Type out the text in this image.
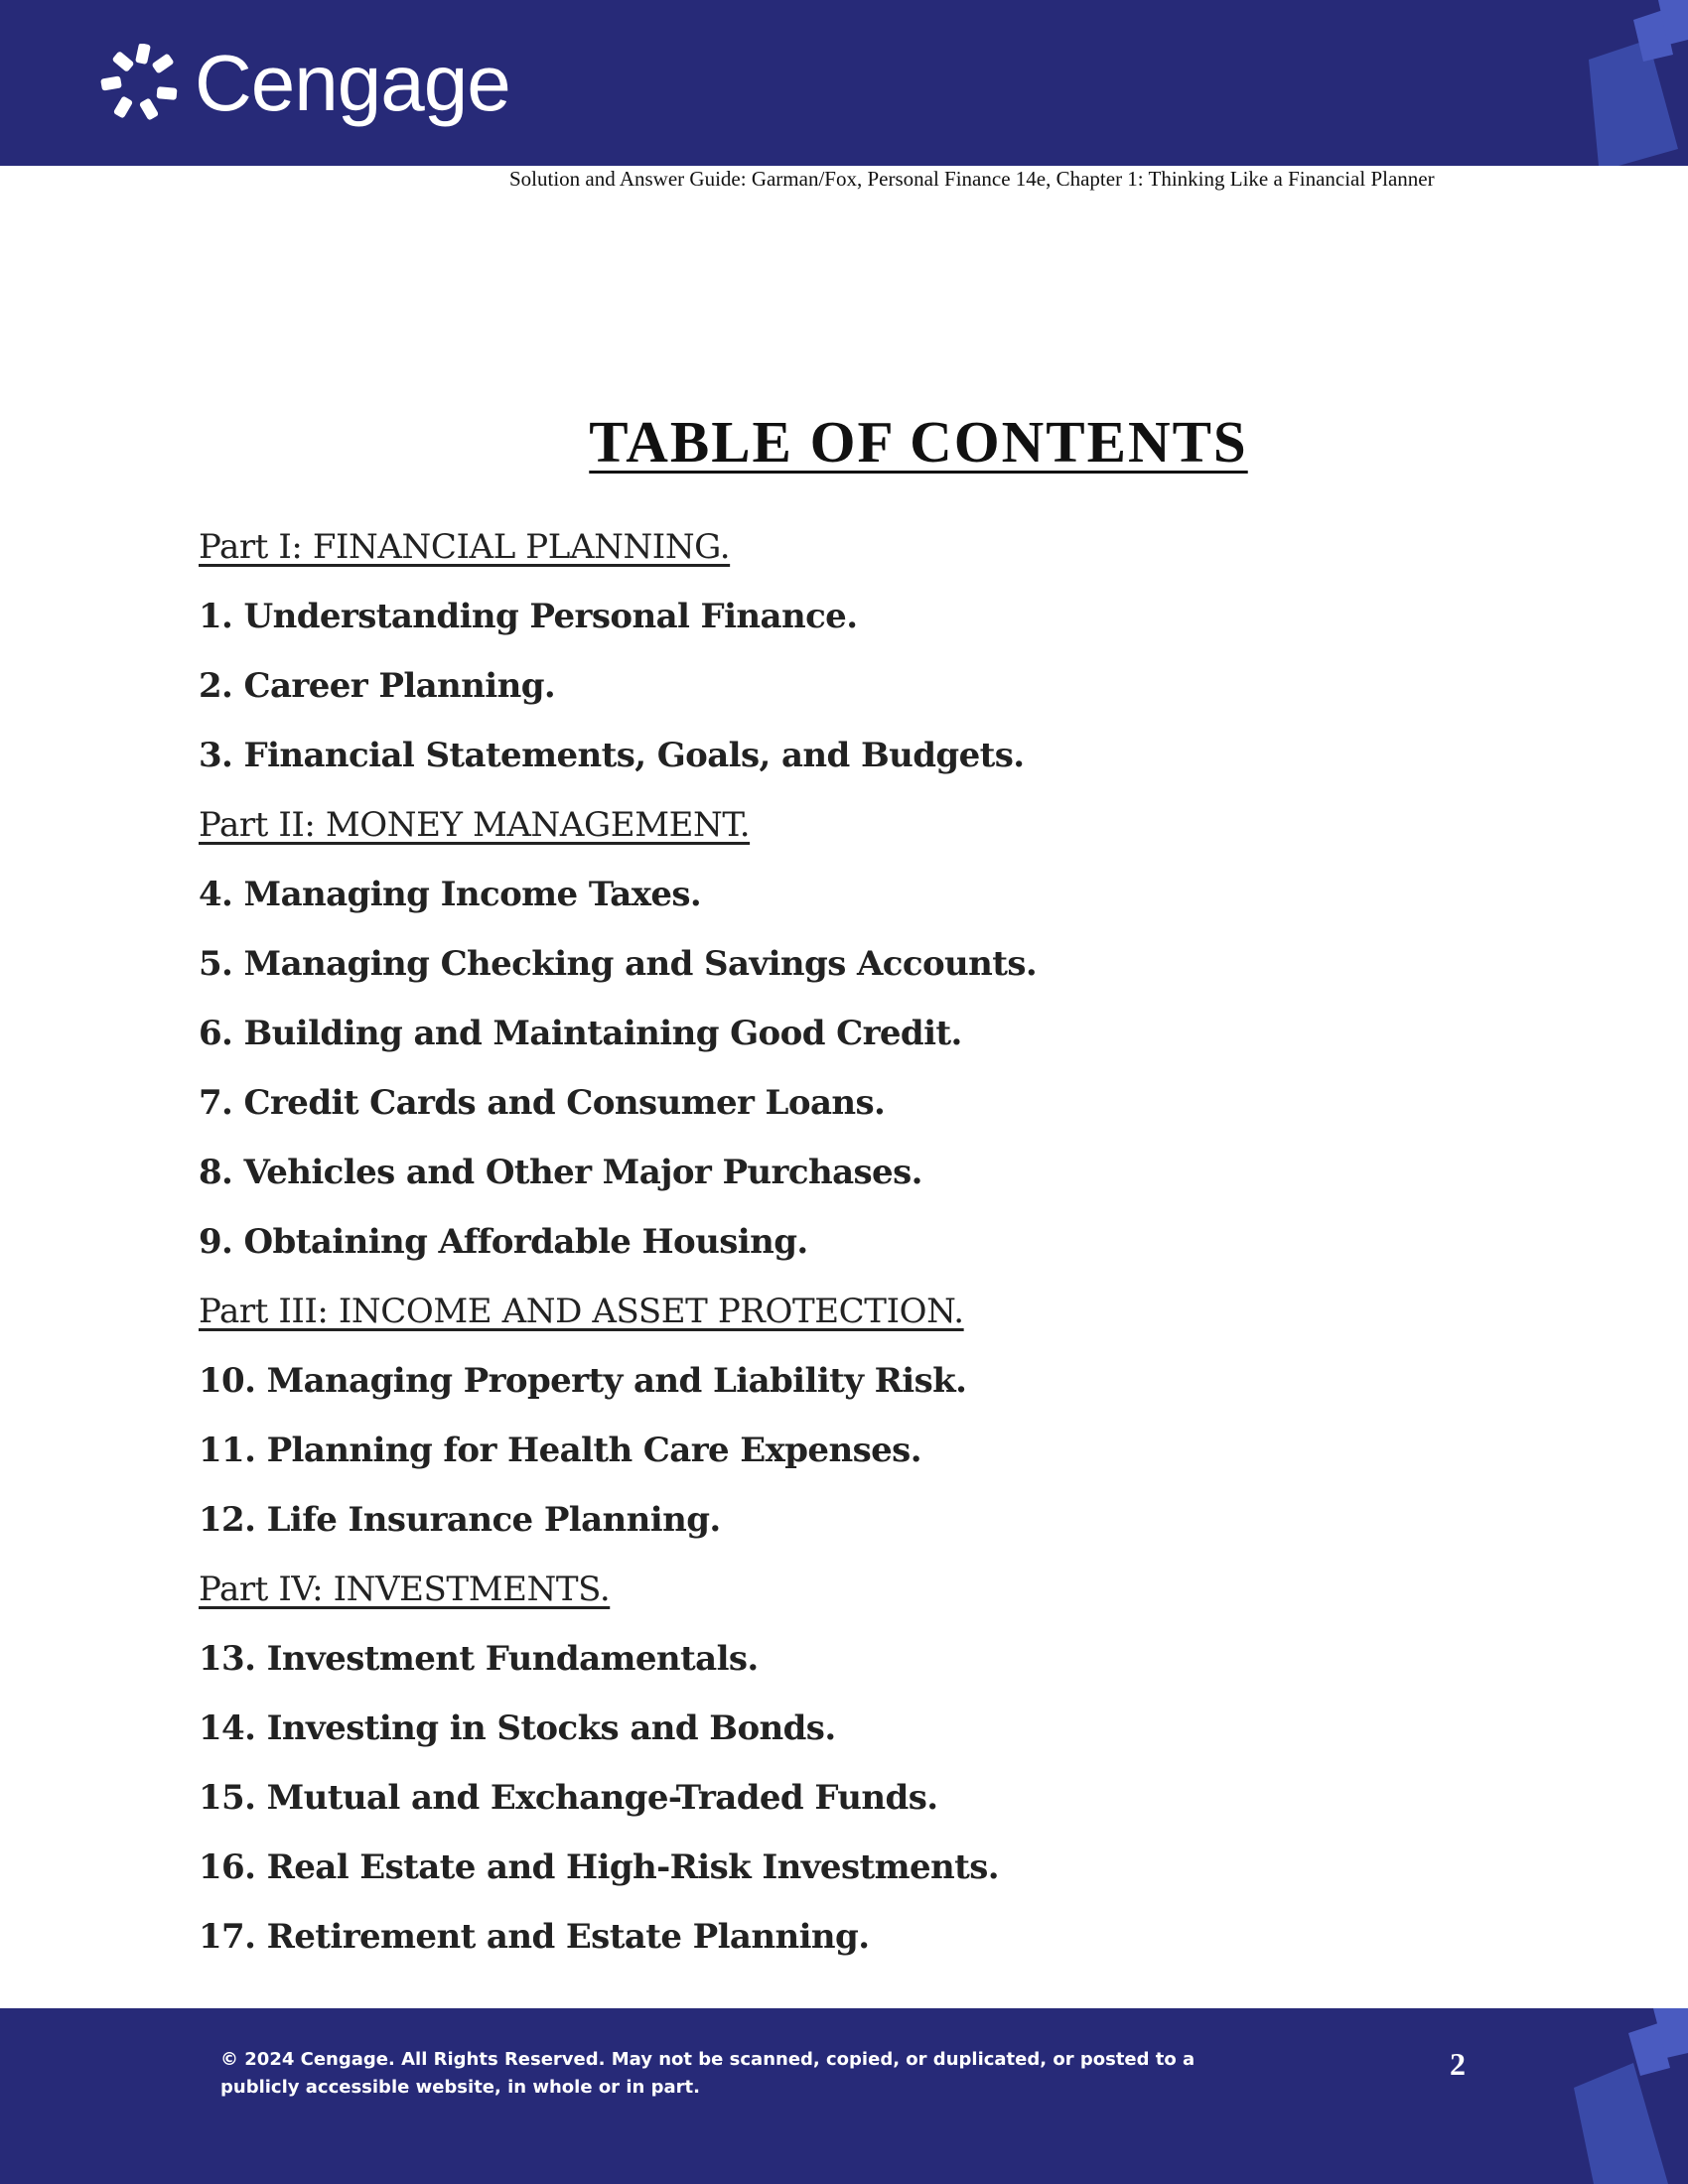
Cengage
Solution and Answer Guide: Garman/Fox, Personal Finance 14e, Chapter 1: Thinking Like a Financial Planner
TABLE OF CONTENTS
Part I: FINANCIAL PLANNING.
1. Understanding Personal Finance.
2. Career Planning.
3. Financial Statements, Goals, and Budgets.
Part II: MONEY MANAGEMENT.
4. Managing Income Taxes.
5. Managing Checking and Savings Accounts.
6. Building and Maintaining Good Credit.
7. Credit Cards and Consumer Loans.
8. Vehicles and Other Major Purchases.
9. Obtaining Affordable Housing.
Part III: INCOME AND ASSET PROTECTION.
10. Managing Property and Liability Risk.
11. Planning for Health Care Expenses.
12. Life Insurance Planning.
Part IV: INVESTMENTS.
13. Investment Fundamentals.
14. Investing in Stocks and Bonds.
15. Mutual and Exchange-Traded Funds.
16. Real Estate and High-Risk Investments.
17. Retirement and Estate Planning.
© 2024 Cengage. All Rights Reserved. May not be scanned, copied, or duplicated, or posted to a publicly accessible website, in whole or in part.
2
